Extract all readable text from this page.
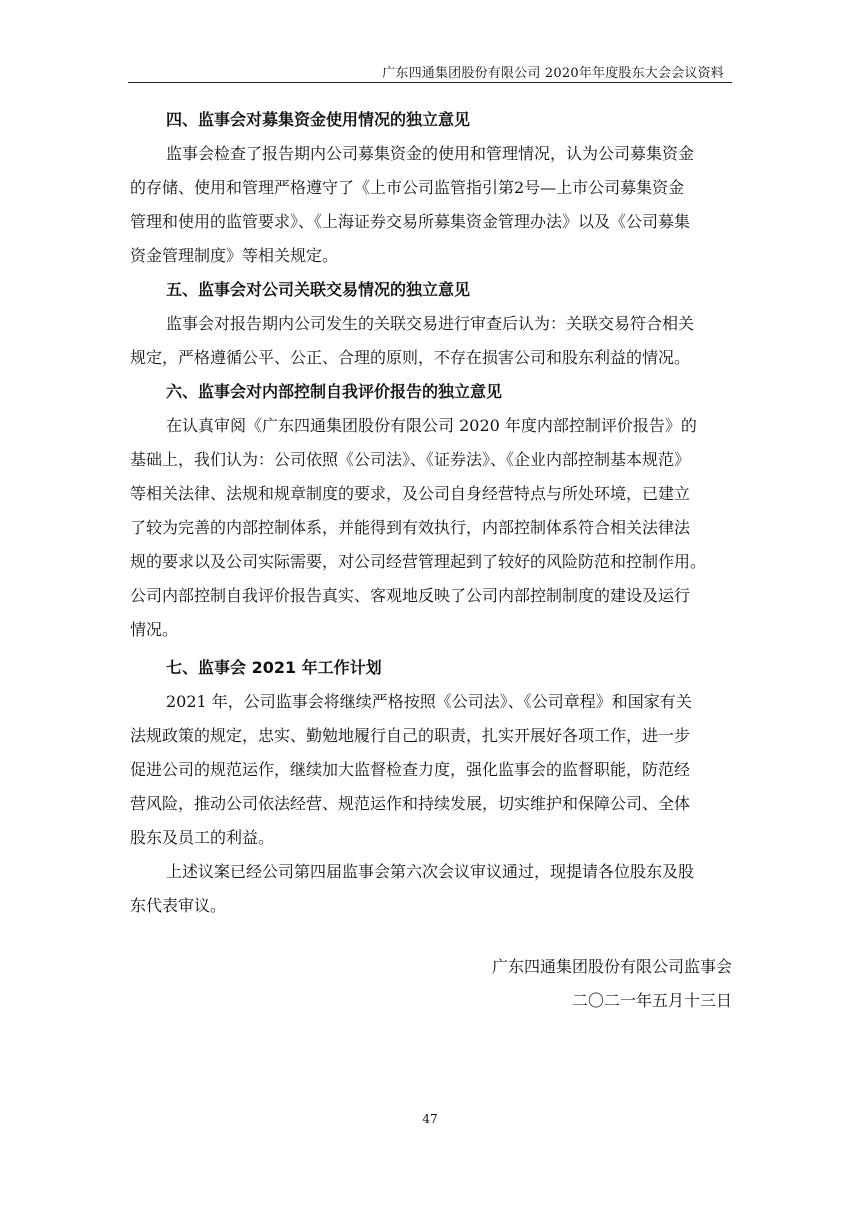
广东四通集团股份有限公司 2020年年度股东大会会议资料
四、监事会对募集资金使用情况的独立意见
监事会检查了报告期内公司募集资金的使用和管理情况，认为公司募集资金
的存储、使用和管理严格遵守了《上市公司监管指引第2号—上市公司募集资金
管理和使用的监管要求》、《上海证券交易所募集资金管理办法》以及《公司募集
资金管理制度》等相关规定。
五、监事会对公司关联交易情况的独立意见
监事会对报告期内公司发生的关联交易进行审查后认为：关联交易符合相关
规定，严格遵循公平、公正、合理的原则，不存在损害公司和股东利益的情况。
六、监事会对内部控制自我评价报告的独立意见
在认真审阅《广东四通集团股份有限公司 2020 年度内部控制评价报告》的
基础上，我们认为：公司依照《公司法》、《证券法》、《企业内部控制基本规范》
等相关法律、法规和规章制度的要求，及公司自身经营特点与所处环境，已建立
了较为完善的内部控制体系，并能得到有效执行，内部控制体系符合相关法律法
规的要求以及公司实际需要，对公司经营管理起到了较好的风险防范和控制作用。
公司内部控制自我评价报告真实、客观地反映了公司内部控制制度的建设及运行
情况。
七、监事会 2021 年工作计划
2021 年，公司监事会将继续严格按照《公司法》、《公司章程》和国家有关
法规政策的规定，忠实、勤勉地履行自己的职责，扎实开展好各项工作，进一步
促进公司的规范运作，继续加大监督检查力度，强化监事会的监督职能，防范经
营风险，推动公司依法经营、规范运作和持续发展，切实维护和保障公司、全体
股东及员工的利益。
上述议案已经公司第四届监事会第六次会议审议通过，现提请各位股东及股
东代表审议。
广东四通集团股份有限公司监事会
二〇二一年五月十三日
47
